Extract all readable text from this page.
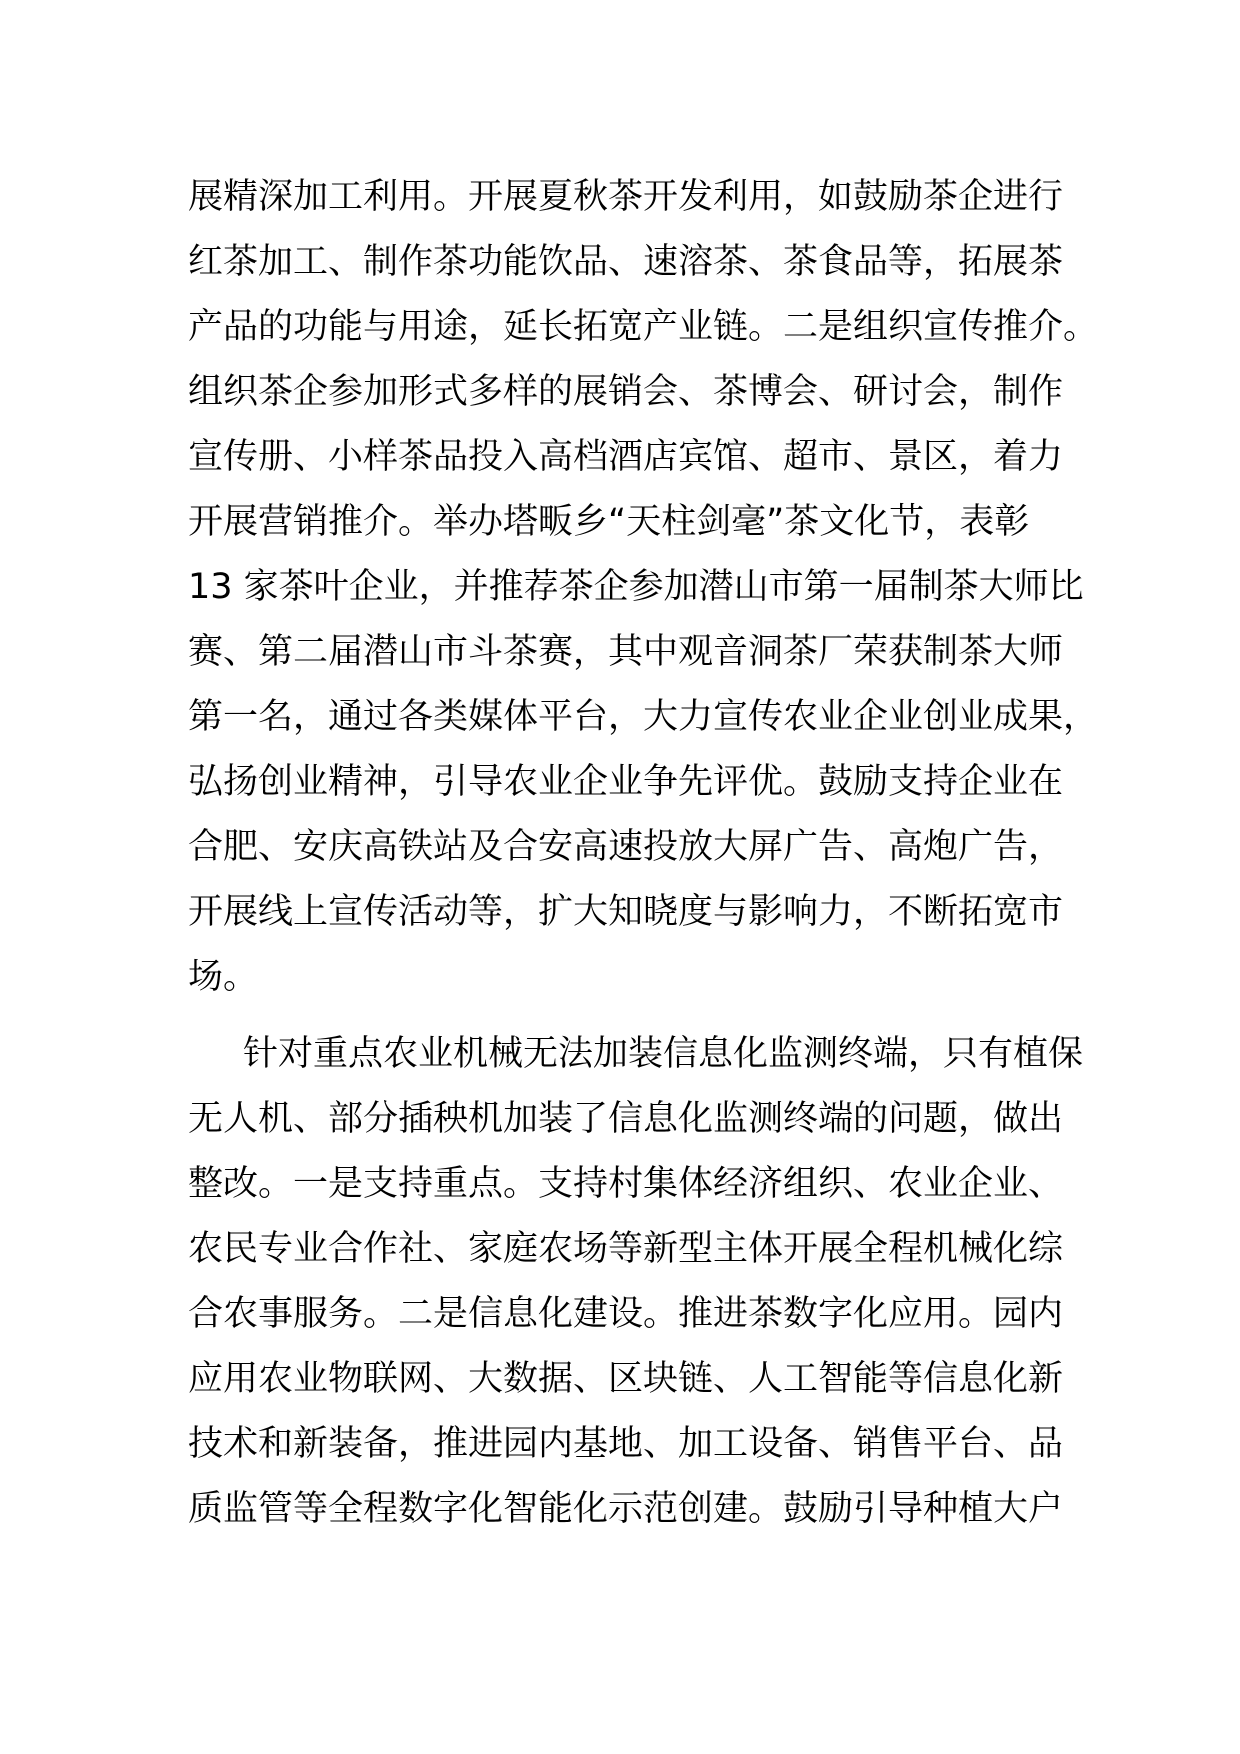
展精深加工利用。开展夏秋茶开发利用，如鼓励茶企进行
红茶加工、制作茶功能饮品、速溶茶、茶食品等，拓展茶
产品的功能与用途，延长拓宽产业链。二是组织宣传推介。
组织茶企参加形式多样的展销会、茶博会、研讨会，制作
宣传册、小样茶品投入高档酒店宾馆、超市、景区，着力
开展营销推介。举办塔畈乡“天柱剑毫”茶文化节，表彰
13 家茶叶企业，并推荐茶企参加潜山市第一届制茶大师比
赛、第二届潜山市斗茶赛，其中观音洞茶厂荣获制茶大师
第一名，通过各类媒体平台，大力宣传农业企业创业成果，
弘扬创业精神，引导农业企业争先评优。鼓励支持企业在
合肥、安庆高铁站及合安高速投放大屏广告、高炮广告，
开展线上宣传活动等，扩大知晓度与影响力，不断拓宽市
场。
针对重点农业机械无法加装信息化监测终端，只有植保
无人机、部分插秧机加装了信息化监测终端的问题，做出
整改。一是支持重点。支持村集体经济组织、农业企业、
农民专业合作社、家庭农场等新型主体开展全程机械化综
合农事服务。二是信息化建设。推进茶数字化应用。园内
应用农业物联网、大数据、区块链、人工智能等信息化新
技术和新装备，推进园内基地、加工设备、销售平台、品
质监管等全程数字化智能化示范创建。鼓励引导种植大户
